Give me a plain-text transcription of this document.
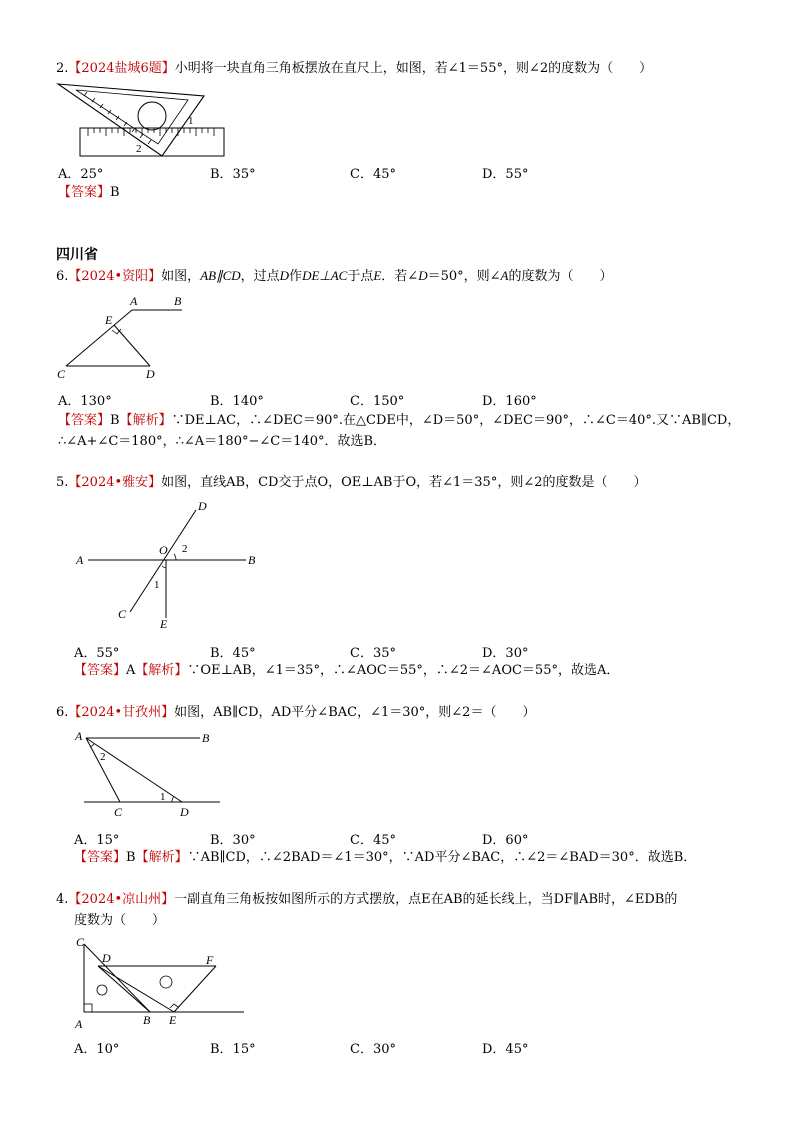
2.【2024盐城6题】小明将一块直角三角板摆放在直尺上，如图，若∠1＝55°，则∠2的度数为（　　）
1
2
A．25°	B．35°	C．45°	D．55°
【答案】B
四川省
6.【2024•资阳】如图，AB∥CD，过点D作DE⊥AC于点E．若∠D＝50°，则∠A的度数为（　　）
A	B
C	D
E
A．130°	B．140°	C．150°	D．160°
【答案】B【解析】∵DE⊥AC，∴∠DEC＝90°.在△CDE中，∠D＝50°，∠DEC＝90°，∴∠C＝40°.又∵AB∥CD，
∴∠A+∠C＝180°，∴∠A＝180°−∠C＝140°．故选B．
5.【2024•雅安】如图，直线AB，CD交于点O，OE⊥AB于O，若∠1＝35°，则∠2的度数是（　　）
A	B
C
D
E
O
1
2
A．55°	B．45°	C．35°	D．30°
【答案】A【解析】∵OE⊥AB，∠1＝35°，∴∠AOC＝55°，∴∠2＝∠AOC＝55°，故选A．
6.【2024•甘孜州】如图，AB∥CD，AD平分∠BAC，∠1＝30°，则∠2＝（　　）
A	B
C	D
1
2
A．15°	B．30°	C．45°	D．60°
【答案】B【解析】∵AB∥CD，∴∠2BAD＝∠1＝30°，∵AD平分∠BAC，∴∠2＝∠BAD＝30°．故选B．
4.【2024•凉山州】一副直角三角板按如图所示的方式摆放，点E在AB的延长线上，当DF∥AB时，∠EDB的
度数为（　　）
A	B
C
D
E
F
A．10°	B．15°	C．30°	D．45°
